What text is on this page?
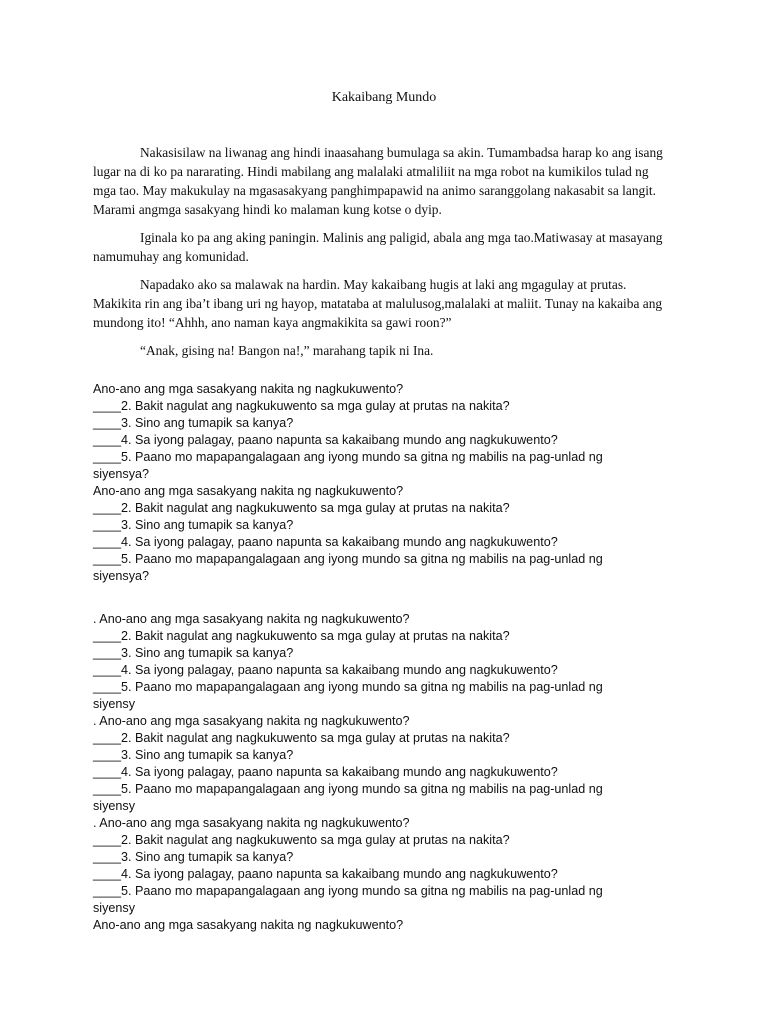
Kakaibang Mundo

Nakasisilaw na liwanag ang hindi inaasahang bumulaga sa akin. Tumambadsa harap ko ang isang lugar na di ko pa nararating. Hindi mabilang ang malalaki atmaliliit na mga robot na kumikilos tulad ng mga tao. May makukulay na mgasasakyang panghimpapawid na animo saranggolang nakasabit sa langit. Marami angmga sasakyang hindi ko malaman kung kotse o dyip.

Iginala ko pa ang aking paningin. Malinis ang paligid, abala ang mga tao.Matiwasay at masayang namumuhay ang komunidad.

Napadako ako sa malawak na hardin. May kakaibang hugis at laki ang mgagulay at prutas. Makikita rin ang iba’t ibang uri ng hayop, matataba at malulusog,malalaki at maliit. Tunay na kakaiba ang mundong ito! “Ahhh, ano naman kaya angmakikita sa gawi roon?”

“Anak, gising na! Bangon na!,” marahang tapik ni Ina.

Ano-ano ang mga sasakyang nakita ng nagkukuwento?
____2. Bakit nagulat ang nagkukuwento sa mga gulay at prutas na nakita?
____3. Sino ang tumapik sa kanya?
____4. Sa iyong palagay, paano napunta sa kakaibang mundo ang nagkukuwento?
____5. Paano mo mapapangalagaan ang iyong mundo sa gitna ng mabilis na pag-unlad ng
siyensya?
Ano-ano ang mga sasakyang nakita ng nagkukuwento?
____2. Bakit nagulat ang nagkukuwento sa mga gulay at prutas na nakita?
____3. Sino ang tumapik sa kanya?
____4. Sa iyong palagay, paano napunta sa kakaibang mundo ang nagkukuwento?
____5. Paano mo mapapangalagaan ang iyong mundo sa gitna ng mabilis na pag-unlad ng
siyensya?
. Ano-ano ang mga sasakyang nakita ng nagkukuwento?
____2. Bakit nagulat ang nagkukuwento sa mga gulay at prutas na nakita?
____3. Sino ang tumapik sa kanya?
____4. Sa iyong palagay, paano napunta sa kakaibang mundo ang nagkukuwento?
____5. Paano mo mapapangalagaan ang iyong mundo sa gitna ng mabilis na pag-unlad ng
siyensy
. Ano-ano ang mga sasakyang nakita ng nagkukuwento?
____2. Bakit nagulat ang nagkukuwento sa mga gulay at prutas na nakita?
____3. Sino ang tumapik sa kanya?
____4. Sa iyong palagay, paano napunta sa kakaibang mundo ang nagkukuwento?
____5. Paano mo mapapangalagaan ang iyong mundo sa gitna ng mabilis na pag-unlad ng
siyensy
. Ano-ano ang mga sasakyang nakita ng nagkukuwento?
____2. Bakit nagulat ang nagkukuwento sa mga gulay at prutas na nakita?
____3. Sino ang tumapik sa kanya?
____4. Sa iyong palagay, paano napunta sa kakaibang mundo ang nagkukuwento?
____5. Paano mo mapapangalagaan ang iyong mundo sa gitna ng mabilis na pag-unlad ng
siyensy
Ano-ano ang mga sasakyang nakita ng nagkukuwento?
